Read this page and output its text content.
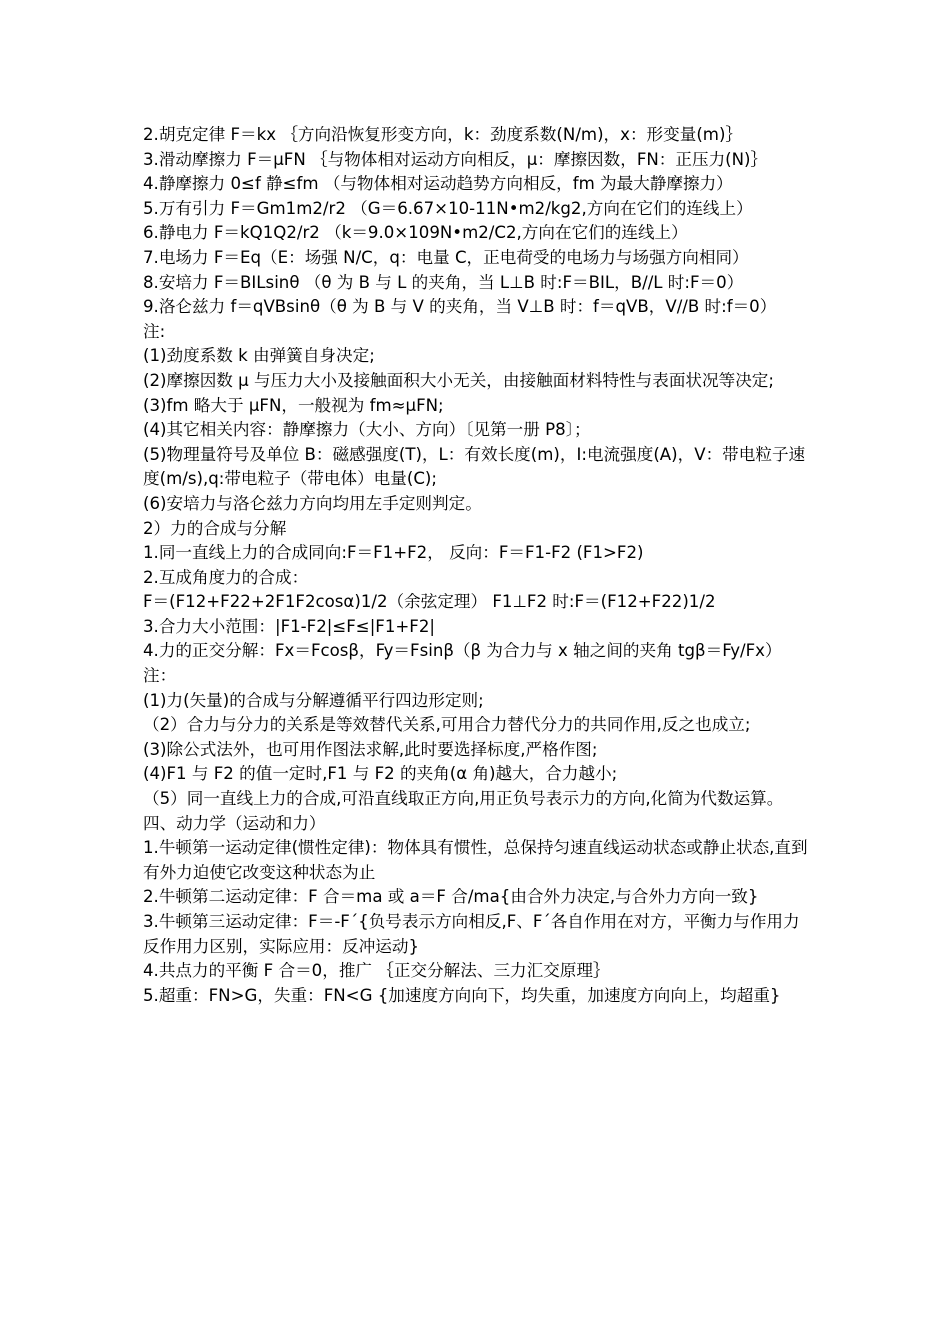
2.胡克定律 F＝kx ｛方向沿恢复形变方向，k：劲度系数(N/m)，x：形变量(m)｝

3.滑动摩擦力 F＝μFN ｛与物体相对运动方向相反，μ：摩擦因数，FN：正压力(N)｝

4.静摩擦力 0≤f 静≤fm （与物体相对运动趋势方向相反，fm 为最大静摩擦力）

5.万有引力 F＝Gm1m2/r2 （G＝6.67×10-11N•m2/kg2,方向在它们的连线上）

6.静电力 F＝kQ1Q2/r2 （k＝9.0×109N•m2/C2,方向在它们的连线上）

7.电场力 F＝Eq（E：场强 N/C，q：电量 C，正电荷受的电场力与场强方向相同）

8.安培力 F＝BILsinθ （θ 为 B 与 L 的夹角，当 L⊥B 时:F＝BIL，B//L 时:F＝0）

9.洛仑兹力 f＝qVBsinθ（θ 为 B 与 V 的夹角，当 V⊥B 时：f＝qVB，V//B 时:f＝0）

注:

(1)劲度系数 k 由弹簧自身决定;

(2)摩擦因数 μ 与压力大小及接触面积大小无关，由接触面材料特性与表面状况等决定;

(3)fm 略大于 μFN，一般视为 fm≈μFN;

(4)其它相关内容：静摩擦力（大小、方向）〔见第一册 P8〕；

(5)物理量符号及单位 B：磁感强度(T)，L：有效长度(m)，I:电流强度(A)，V：带电粒子速度(m/s),q:带电粒子（带电体）电量(C);

(6)安培力与洛仑兹力方向均用左手定则判定。

2）力的合成与分解

1.同一直线上力的合成同向:F＝F1+F2， 反向：F＝F1-F2 (F1>F2)

2.互成角度力的合成：

F＝(F12+F22+2F1F2cosα)1/2（余弦定理） F1⊥F2 时:F＝(F12+F22)1/2

3.合力大小范围：|F1-F2|≤F≤|F1+F2|

4.力的正交分解：Fx＝Fcosβ，Fy＝Fsinβ（β 为合力与 x 轴之间的夹角 tgβ＝Fy/Fx）

注：

(1)力(矢量)的合成与分解遵循平行四边形定则;

（2）合力与分力的关系是等效替代关系,可用合力替代分力的共同作用,反之也成立;

(3)除公式法外，也可用作图法求解,此时要选择标度,严格作图;

(4)F1 与 F2 的值一定时,F1 与 F2 的夹角(α 角)越大，合力越小;

（5）同一直线上力的合成,可沿直线取正方向,用正负号表示力的方向,化简为代数运算。

四、动力学（运动和力）

1.牛顿第一运动定律(惯性定律)：物体具有惯性，总保持匀速直线运动状态或静止状态,直到有外力迫使它改变这种状态为止

2.牛顿第二运动定律：F 合＝ma 或 a＝F 合/ma{由合外力决定,与合外力方向一致}

3.牛顿第三运动定律：F＝-F´{负号表示方向相反,F、F´各自作用在对方，平衡力与作用力反作用力区别，实际应用：反冲运动}

4.共点力的平衡 F 合＝0，推广 ｛正交分解法、三力汇交原理｝

5.超重：FN>G，失重：FN<G {加速度方向向下，均失重，加速度方向向上，均超重}
